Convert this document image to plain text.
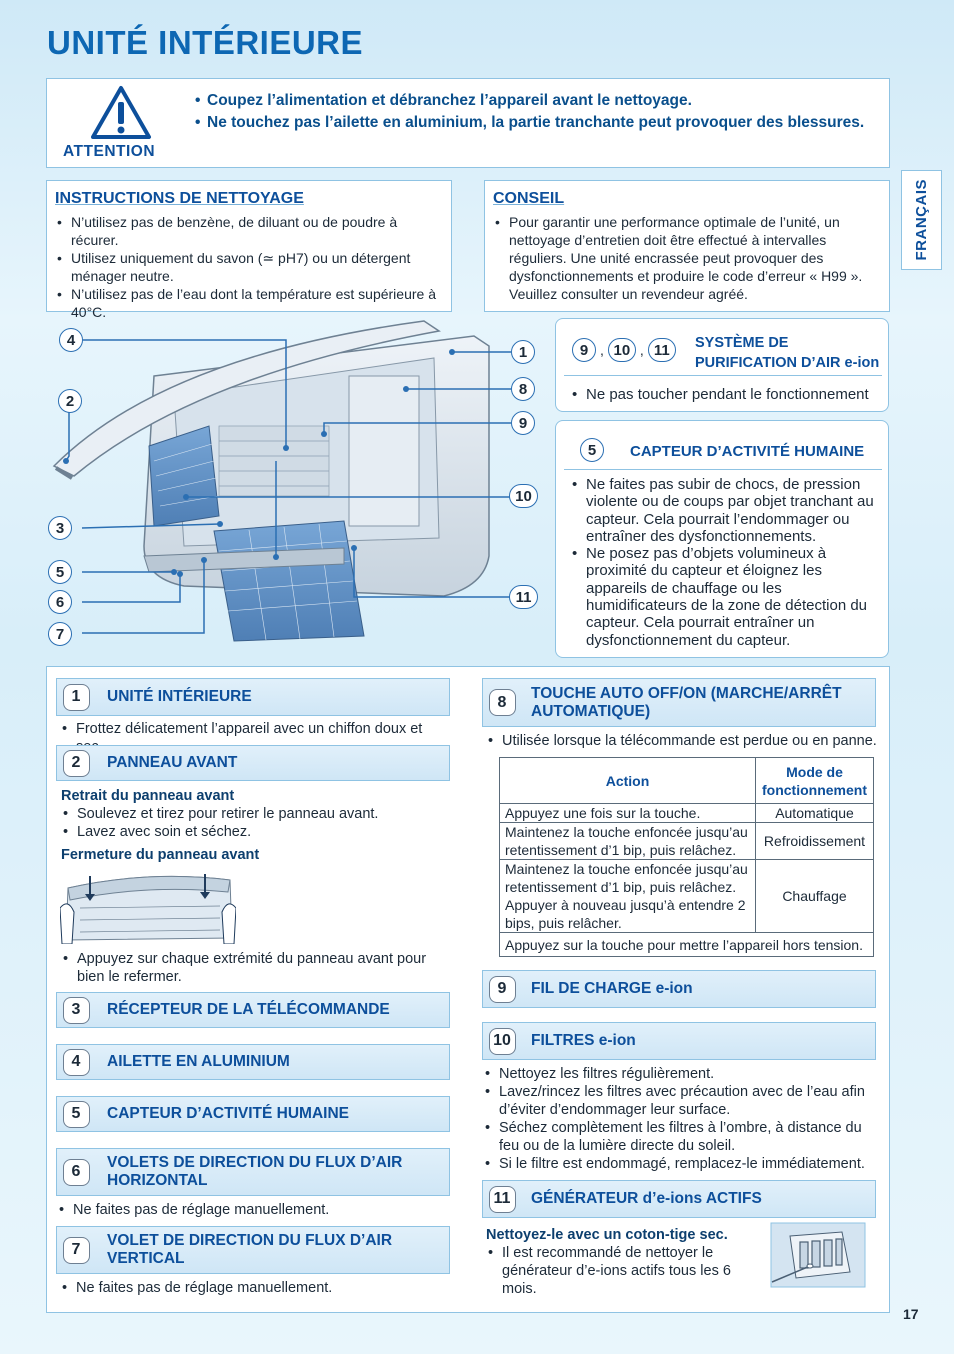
UNITÉ INTÉRIEURE
FRANÇAIS
ATTENTION
• Coupez l’alimentation et débranchez l’appareil avant le nettoyage.
• Ne touchez pas l’ailette en aluminium, la partie tranchante peut provoquer des blessures.
INSTRUCTIONS DE NETTOYAGE
• N’utilisez pas de benzène, de diluant ou de poudre à récurer.
• Utilisez uniquement du savon (≃ pH7) ou un détergent ménager neutre.
• N’utilisez pas de l’eau dont la température est supérieure à 40°C.
CONSEIL
• Pour garantir une performance optimale de l’unité, un nettoyage d’entretien doit être effectué à intervalles réguliers. Une unité encrassée peut provoquer des dysfonctionnements et produire le code d’erreur « H99 ». Veuillez consulter un revendeur agréé.
4
2
3
5
6
7
1
8
9
10
11
9 , 10 , 11	SYSTÈME DE PURIFICATION D’AIR e-ion
• Ne pas toucher pendant le fonctionnement
5	CAPTEUR D’ACTIVITÉ HUMAINE
• Ne faites pas subir de chocs, de pression violente ou de coups par objet tranchant au capteur. Cela pourrait l’endommager ou entraîner des dysfonctionnements.
• Ne posez pas d’objets volumineux à proximité du capteur et éloignez les appareils de chauffage ou les humidificateurs de la zone de détection du capteur. Cela pourrait entraîner un dysfonctionnement du capteur.
1	UNITÉ INTÉRIEURE
• Frottez délicatement l’appareil avec un chiffon doux et
2	PANNEAU AVANT
Retrait du panneau avant
• Soulevez et tirez pour retirer le panneau avant.
• Lavez avec soin et séchez.
Fermeture du panneau avant
• Appuyez sur chaque extrémité du panneau avant pour bien le refermer.
3	RÉCEPTEUR DE LA TÉLÉCOMMANDE
4	AILETTE EN ALUMINIUM
5	CAPTEUR D’ACTIVITÉ HUMAINE
6
VOLETS DE DIRECTION DU FLUX D’AIR HORIZONTAL
• Ne faites pas de réglage manuellement.
7
VOLET DE DIRECTION DU FLUX D’AIR VERTICAL
• Ne faites pas de réglage manuellement.
8
TOUCHE AUTO OFF/ON (MARCHE/ARRÊT AUTOMATIQUE)
• Utilisée lorsque la télécommande est perdue ou en panne.
Action	Mode de fonctionnement
Appuyez une fois sur la touche.	Automatique
Maintenez la touche enfoncée jusqu’au retentissement d’1 bip, puis relâchez.	Refroidissement
Maintenez la touche enfoncée jusqu’au retentissement d’1 bip, puis relâchez. Appuyer à nouveau jusqu’à entendre 2 bips, puis relâcher.	Chauffage
Appuyez sur la touche pour mettre l’appareil hors tension.	
9	FIL DE CHARGE e-ion
10 FILTRES e-ion
• Nettoyez les filtres régulièrement.
• Lavez/rincez les filtres avec précaution avec de l’eau afin d’éviter d’endommager leur surface.
• Séchez complètement les filtres à l’ombre, à distance du feu ou de la lumière directe du soleil.
• Si le filtre est endommagé, remplacez-le immédiatement.
11	GÉNÉRATEUR d’e-ions ACTIFS
Nettoyez-le avec un coton-tige sec.
• Il est recommandé de nettoyer le générateur d’e-ions actifs tous les 6 mois.
17
